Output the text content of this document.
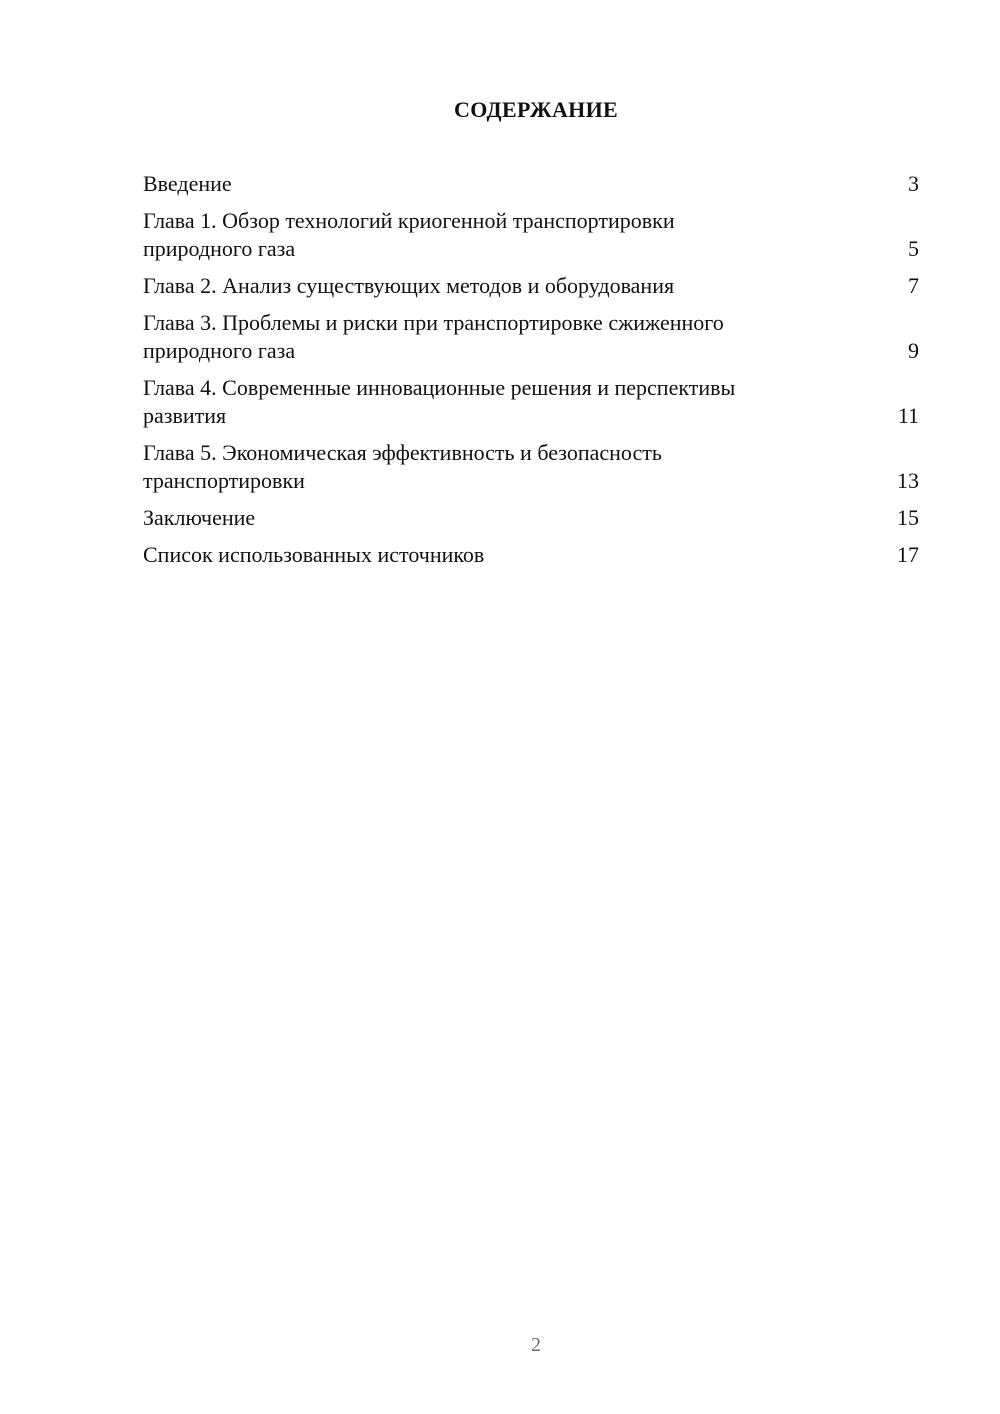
СОДЕРЖАНИЕ
Введение	3
Глава 1. Обзор технологий криогенной транспортировки
природного газа	5
Глава 2. Анализ существующих методов и оборудования	7
Глава 3. Проблемы и риски при транспортировке сжиженного
природного газа	9
Глава 4. Современные инновационные решения и перспективы
развития	11
Глава 5. Экономическая эффективность и безопасность
транспортировки	13
Заключение	15
Список использованных источников	17
2
